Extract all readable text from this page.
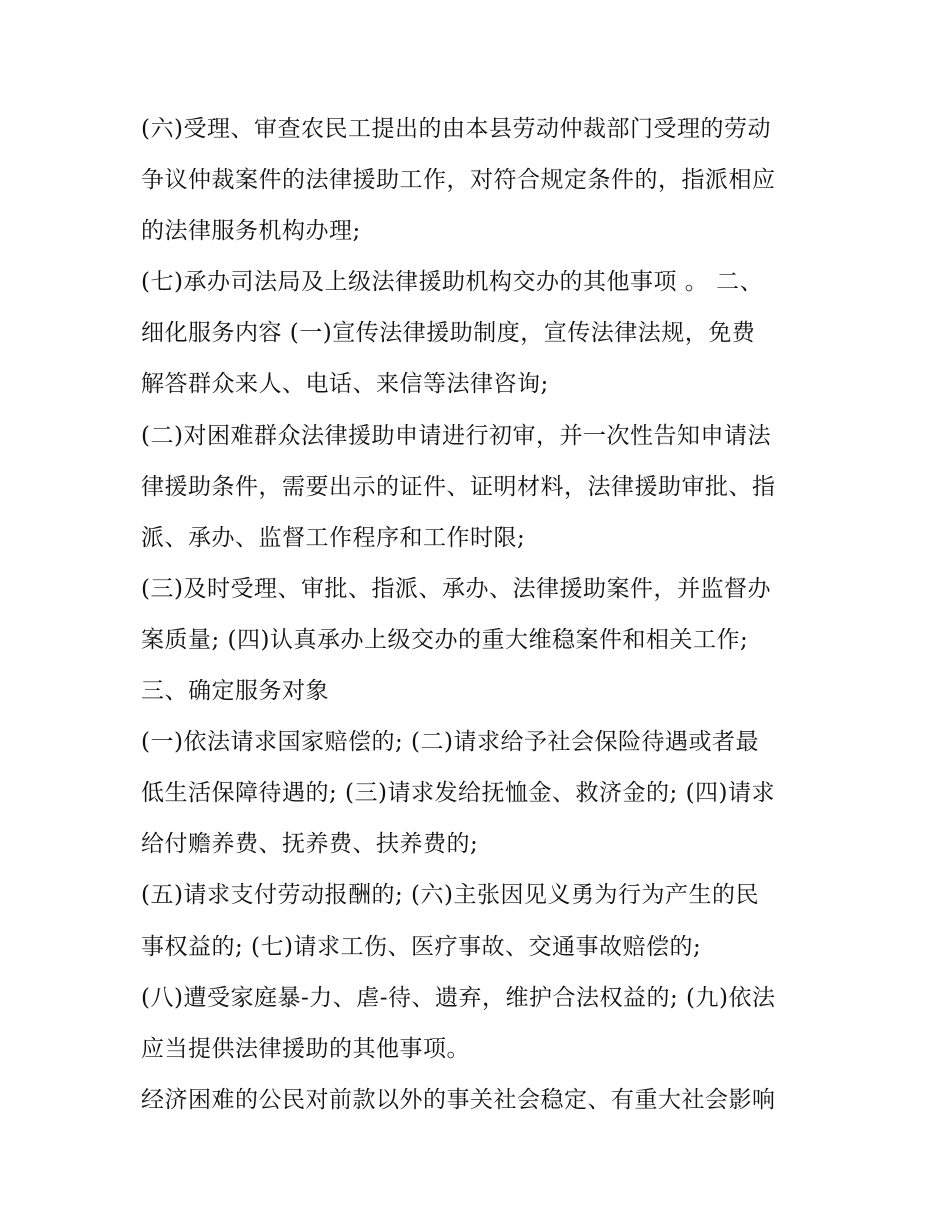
(六)受理、审查农民工提出的由本县劳动仲裁部门受理的劳动
争议仲裁案件的法律援助工作，对符合规定条件的，指派相应
的法律服务机构办理;
(七)承办司法局及上级法律援助机构交办的其他事项 。 二、
细化服务内容 (一)宣传法律援助制度，宣传法律法规，免费
解答群众来人、电话、来信等法律咨询;
(二)对困难群众法律援助申请进行初审，并一次性告知申请法
律援助条件，需要出示的证件、证明材料，法律援助审批、指
派、承办、监督工作程序和工作时限;
(三)及时受理、审批、指派、承办、法律援助案件，并监督办
案质量; (四)认真承办上级交办的重大维稳案件和相关工作;
三、确定服务对象
(一)依法请求国家赔偿的; (二)请求给予社会保险待遇或者最
低生活保障待遇的; (三)请求发给抚恤金、救济金的; (四)请求
给付赡养费、抚养费、扶养费的;
(五)请求支付劳动报酬的; (六)主张因见义勇为行为产生的民
事权益的; (七)请求工伤、医疗事故、交通事故赔偿的;
(八)遭受家庭暴-力、虐-待、遗弃，维护合法权益的; (九)依法
应当提供法律援助的其他事项。
经济困难的公民对前款以外的事关社会稳定、有重大社会影响
